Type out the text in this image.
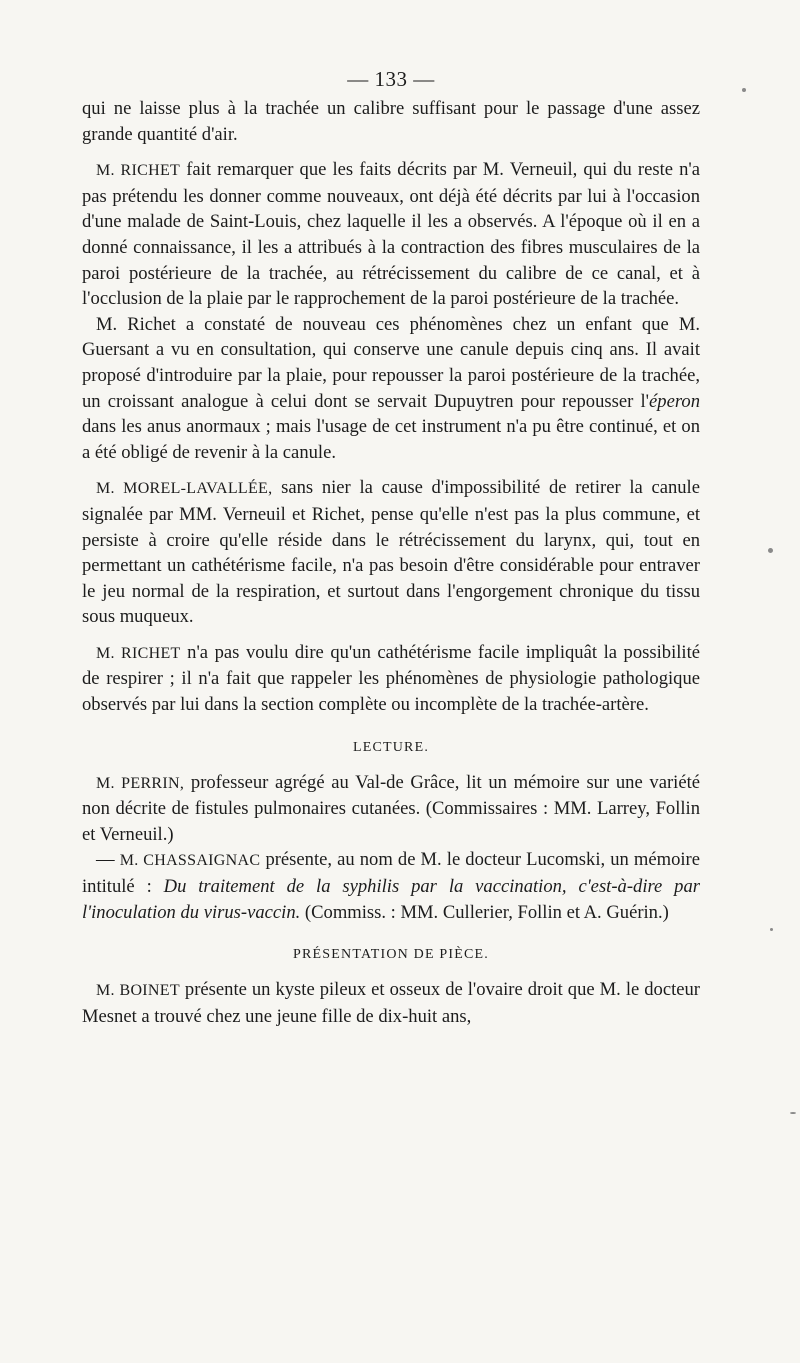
— 133 —

qui ne laisse plus à la trachée un calibre suffisant pour le passage d'une assez grande quantité d'air.

M. RICHET fait remarquer que les faits décrits par M. Verneuil, qui du reste n'a pas prétendu les donner comme nouveaux, ont déjà été décrits par lui à l'occasion d'une malade de Saint-Louis, chez laquelle il les a observés. A l'époque où il en a donné connaissance, il les a attribués à la contraction des fibres musculaires de la paroi postérieure de la trachée, au rétrécissement du calibre de ce canal, et à l'occlusion de la plaie par le rapprochement de la paroi postérieure de la trachée.

M. Richet a constaté de nouveau ces phénomènes chez un enfant que M. Guersant a vu en consultation, qui conserve une canule depuis cinq ans. Il avait proposé d'introduire par la plaie, pour repousser la paroi postérieure de la trachée, un croissant analogue à celui dont se servait Dupuytren pour repousser l'éperon dans les anus anormaux ; mais l'usage de cet instrument n'a pu être continué, et on a été obligé de revenir à la canule.

M. MOREL-LAVALLÉE, sans nier la cause d'impossibilité de retirer la canule signalée par MM. Verneuil et Richet, pense qu'elle n'est pas la plus commune, et persiste à croire qu'elle réside dans le rétrécissement du larynx, qui, tout en permettant un cathétérisme facile, n'a pas besoin d'être considérable pour entraver le jeu normal de la respiration, et surtout dans l'engorgement chronique du tissu sous muqueux.

M. RICHET n'a pas voulu dire qu'un cathétérisme facile impliquât la possibilité de respirer ; il n'a fait que rappeler les phénomènes de physiologie pathologique observés par lui dans la section complète ou incomplète de la trachée-artère.

LECTURE.

M. PERRIN, professeur agrégé au Val-de Grâce, lit un mémoire sur une variété non décrite de fistules pulmonaires cutanées. (Commissaires : MM. Larrey, Follin et Verneuil.)

— M. CHASSAIGNAC présente, au nom de M. le docteur Lucomski, un mémoire intitulé : Du traitement de la syphilis par la vaccination, c'est-à-dire par l'inoculation du virus-vaccin. (Commiss. : MM. Cullerier, Follin et A. Guérin.)

PRÉSENTATION DE PIÈCE.

M. BOINET présente un kyste pileux et osseux de l'ovaire droit que M. le docteur Mesnet a trouvé chez une jeune fille de dix-huit ans,
